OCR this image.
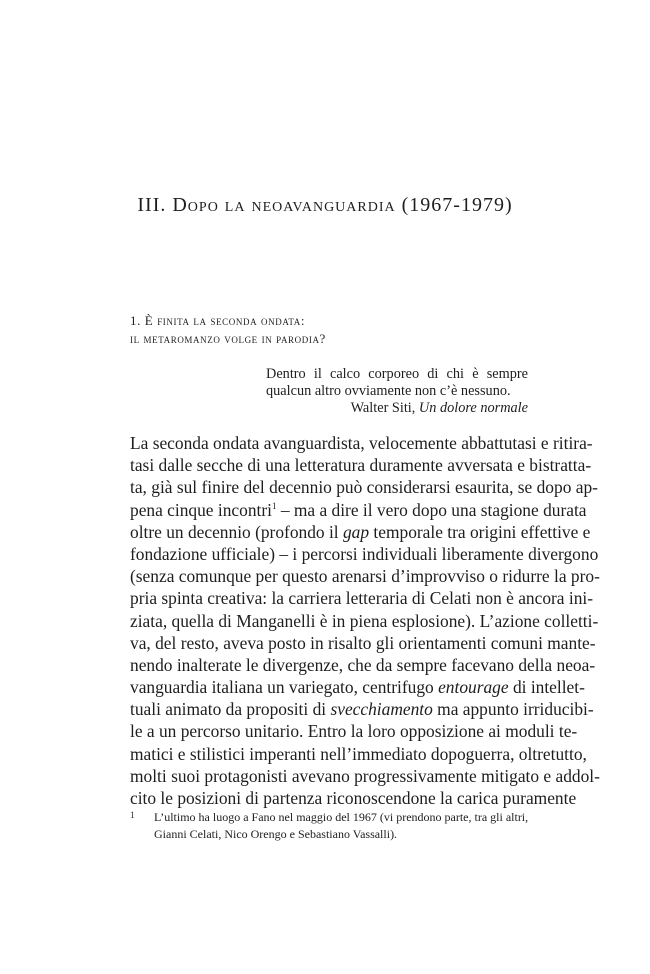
III. Dopo la neoavanguardia (1967-1979)
1. È finita la seconda ondata:
il metaromanzo volge in parodia?
Dentro il calco corporeo di chi è sempre
qualcun altro ovviamente non c’è nessuno.
Walter Siti, Un dolore normale
La seconda ondata avanguardista, velocemente abbattutasi e ritira-
tasi dalle secche di una letteratura duramente avversata e bistratta-
ta, già sul finire del decennio può considerarsi esaurita, se dopo ap-
pena cinque incontri$^1$ – ma a dire il vero dopo una stagione durata
oltre un decennio (profondo il gap temporale tra origini effettive e
fondazione ufficiale) – i percorsi individuali liberamente divergono
(senza comunque per questo arenarsi d’improvviso o ridurre la pro-
pria spinta creativa: la carriera letteraria di Celati non è ancora ini-
ziata, quella di Manganelli è in piena esplosione). L’azione colletti-
va, del resto, aveva posto in risalto gli orientamenti comuni mante-
nendo inalterate le divergenze, che da sempre facevano della neoa-
vanguardia italiana un variegato, centrifugo entourage di intellet-
tuali animato da propositi di svecchiamento ma appunto irriducibi-
le a un percorso unitario. Entro la loro opposizione ai moduli te-
matici e stilistici imperanti nell’immediato dopoguerra, oltretutto,
molti suoi protagonisti avevano progressivamente mitigato e addol-
cito le posizioni di partenza riconoscendone la carica puramente
1 L’ultimo ha luogo a Fano nel maggio del 1967 (vi prendono parte, tra gli altri,
Gianni Celati, Nico Orengo e Sebastiano Vassalli).
